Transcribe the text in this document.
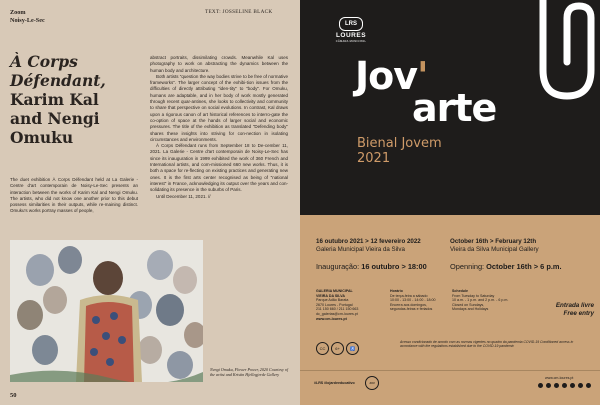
Zoom
Noisy-Le-Sec
TEXT: JOSSELINE BLACK
À Corps
Défendant,
Karim Kal
and Nengi
Omuku
The duet exhibition À Corps Défendant held at La Galerie - Centre d'art contemporain de Noisy-Le-Sec presents an interaction between the works of Karim Kal and Nengi Omuku. The artists, who did not know one another prior to this debut possess similarities in their outputs, while re-maining distinct. Omuku's works portray masses of people,

abstract portraits, dissimilating crowds. Meanwhile Kal uses photography to work on abstracting the dynamics between the human body and architecture.

Both artists "question the way bodies strive to be free of normative frameworks". The larger concept of the exhibi-tion issues from the difficulties of directly attributing "iden-tity" to "body". For Omuku, humans are adaptable, and in her body of work mostly generated through recent quar-antines, she looks to collectivity and community to share that perspective on social evolutions. In contrast, Kal draws upon a rigorous canon of art historical references to interro-gate the co-option of space at the hands of larger social and economic pressures. The title of the exhibition as translated "Defending body" shares these insights into striving for con-nection in isolating circumstances and environments.

À Corps Défendant runs from September 18 to De-cember 11, 2021. La Galerie - Centre d'art contemporain de Noisy-Le-Sec has since its inauguration in 1999 exhibited the work of 360 French and International artists, and com-missioned 660 new works. Thus, it is both a space for re-flecting on existing practices and generating new ones. It is the first arts center recognised as being of "national interest" in France, acknowledging its output over the years and con-solidating its presence in the suburbs of Paris.

Until December 11, 2021. //

Nengi Omuku, Flower Power, 2020 Courtesy of the artist and Kristin Hjellegjerde Gallery
50
LRS
LOURES
CÂMARA MUNICIPAL
Jov'
arte
Bienal Jovem
2021
16 outubro 2021 > 12 fevereiro 2022
Galeria Municipal Vieira da Silva
October 16th > February 12th
Vieira da Silva Municipal Gallery
Inauguração: 16 outubro > 18:00	Openning: October 16th > 6 p.m.
GALERIA MUNICIPAL
VIEIRA DA SILVA
Parque Adão Barata
2670 Loures - Portugal
211 150 660 / 211 150 663
dc_galerias@cm-loures.pt
www.cm-loures.pt
Horário
De terça-feira a sábado
10:00 - 13:00 - 14:00 - 18:00
Encerra aos domingos,
segundas-feiras e feriados
Schedule
From Tuesday to Saturday
10 a.m. - 1 p.m. and 2 p.m. - 6 p.m.
Closed on Sundays,
Mondays and Holidays
Entrada livre
Free entry
CC	6+	♿
Acesso condicionado de acordo com as normas vigentes no quadro da pandemia COVID-19 Conditioned access in accordance with the regulations established due to the COVID-19 pandemic
#LRS #lojardeeducativo	JOV
www.cm-loures.pt
